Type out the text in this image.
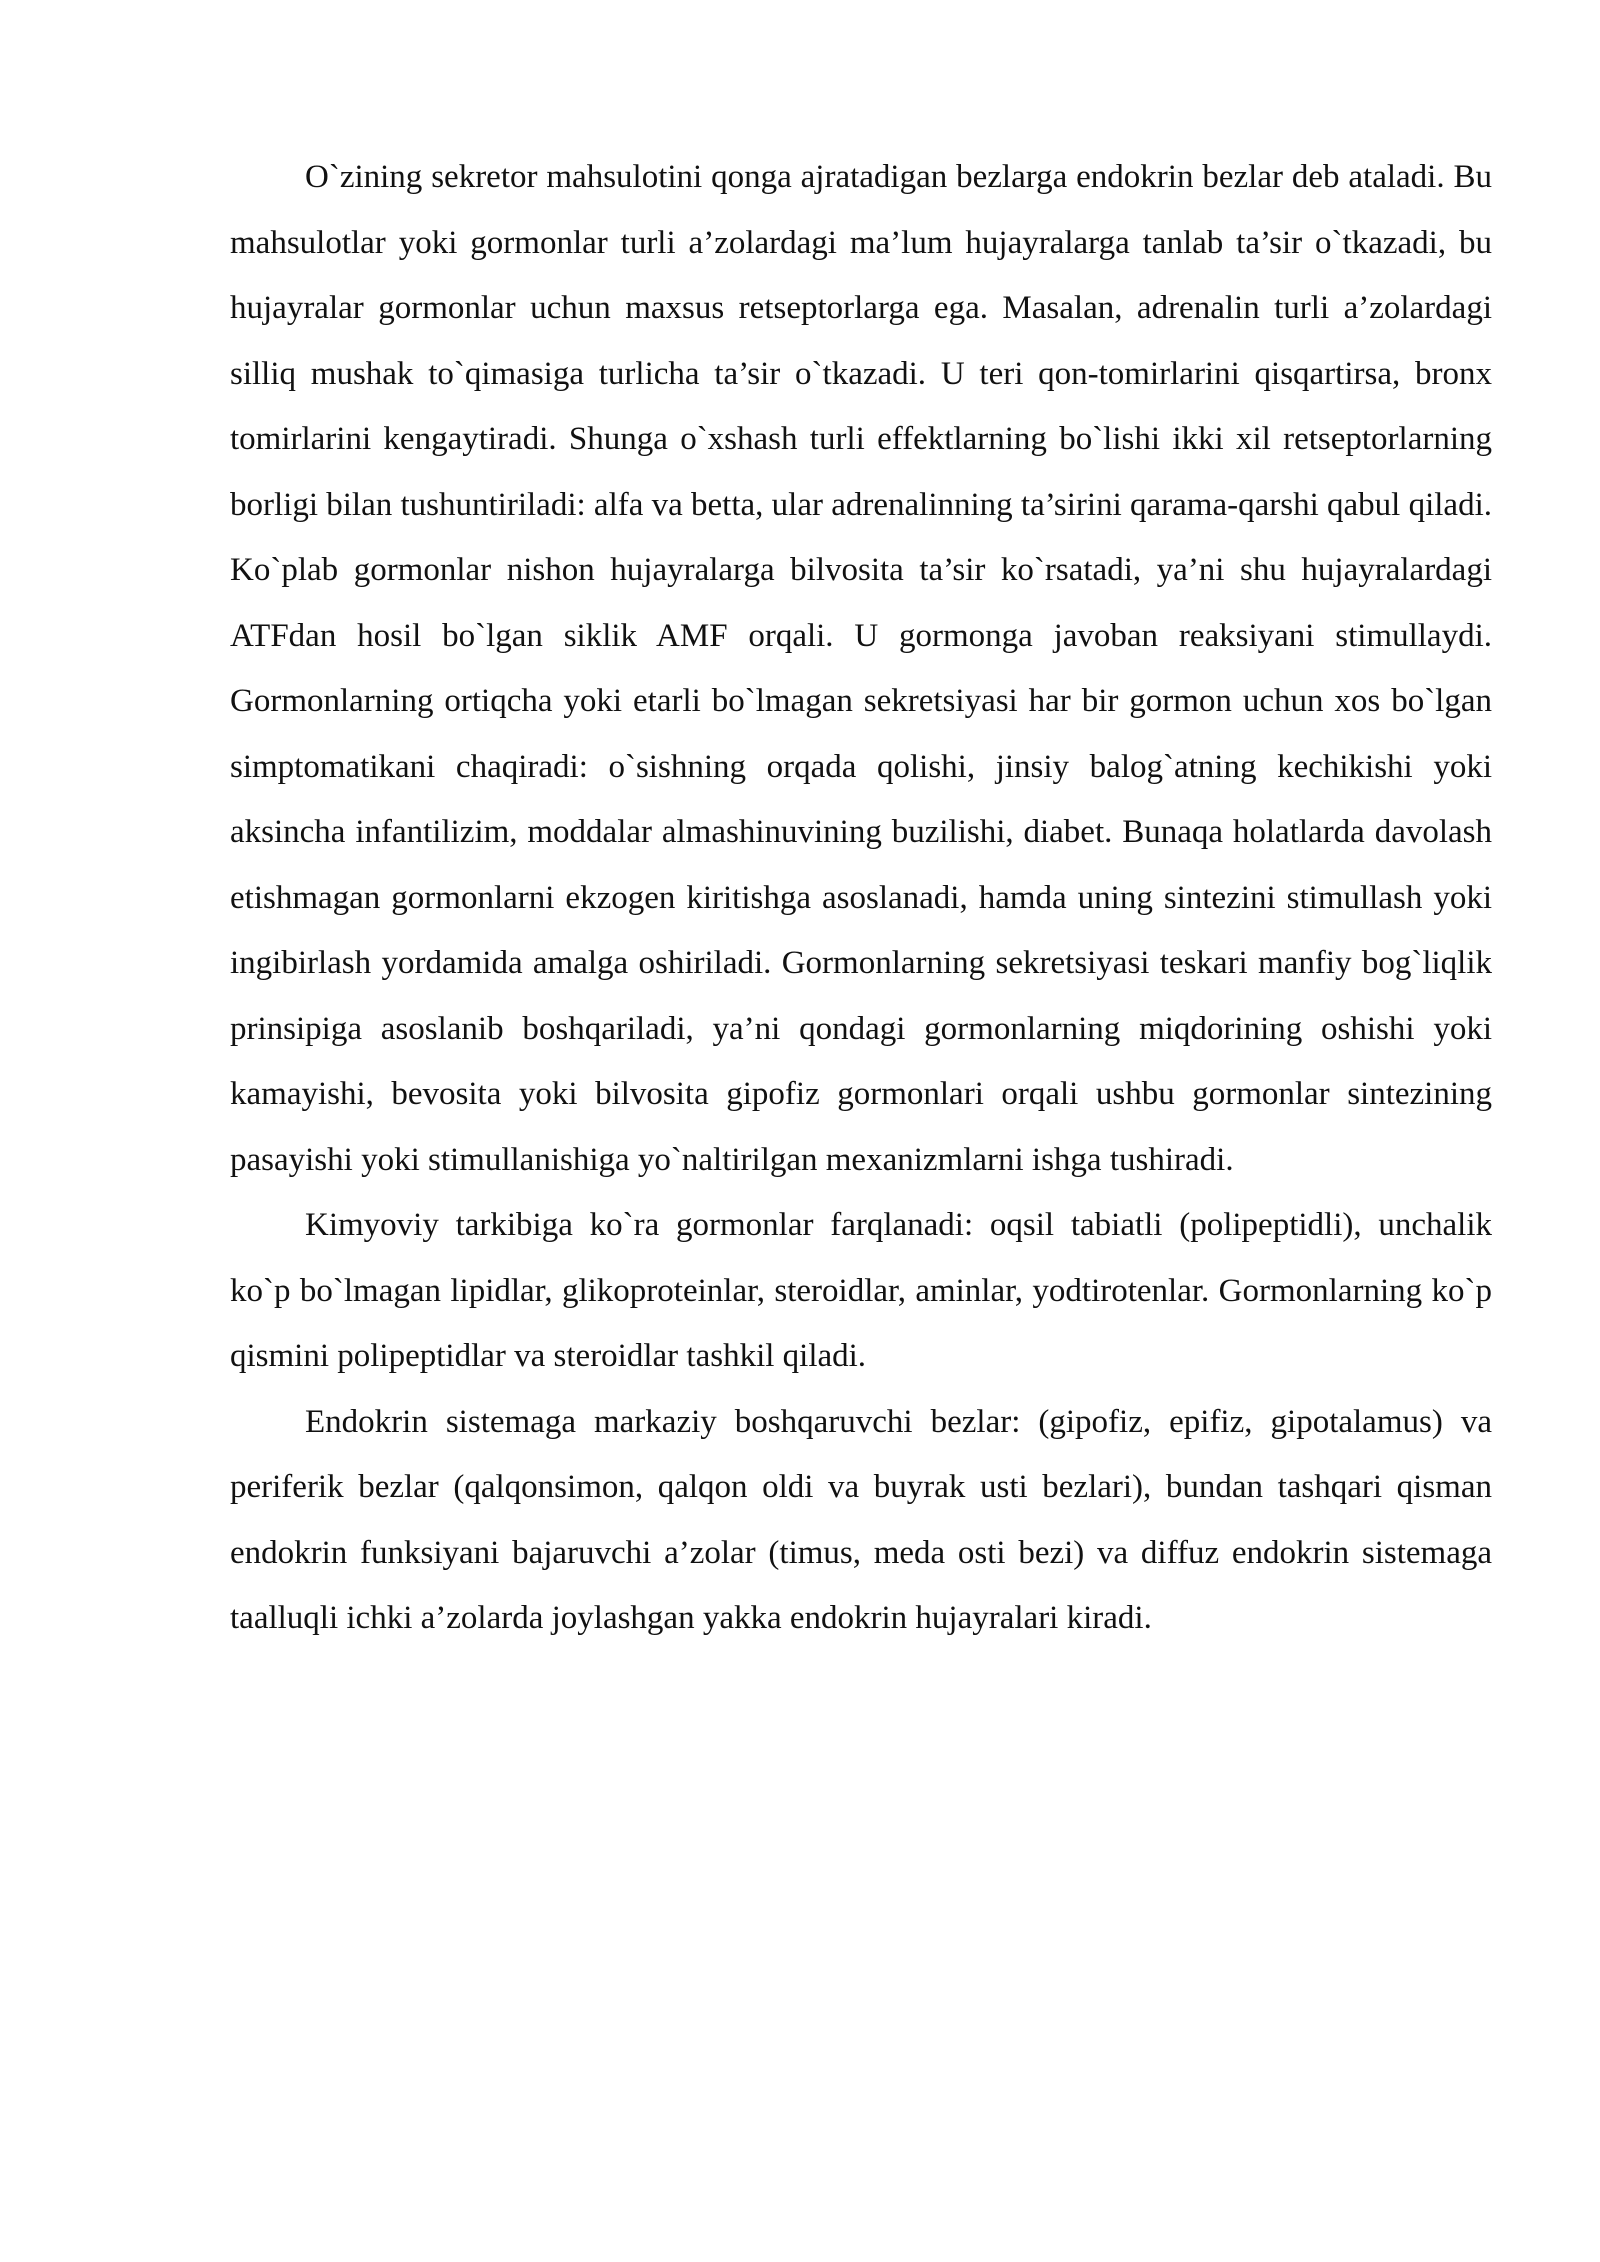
O`zining sekretor mahsulotini qonga ajratadigan bezlarga endokrin bezlar deb ataladi. Bu mahsulotlar yoki gormonlar turli a’zolardagi ma’lum hujayralarga tanlab ta’sir o`tkazadi, bu hujayralar gormonlar uchun maxsus retseptorlarga ega. Masalan, adrenalin turli a’zolardagi silliq mushak to`qimasiga turlicha ta’sir o`tkazadi. U teri qon-tomirlarini qisqartirsa, bronx tomirlarini kengaytiradi. Shunga o`xshash turli effektlarning bo`lishi ikki xil retseptorlarning borligi bilan tushuntiriladi: alfa va betta, ular adrenalinning ta’sirini qarama-qarshi qabul qiladi. Ko`plab gormonlar nishon hujayralarga bilvosita ta’sir ko`rsatadi, ya’ni shu hujayralardagi ATFdan hosil bo`lgan siklik AMF orqali. U gormonga javoban reaksiyani stimullaydi. Gormonlarning ortiqcha yoki etarli bo`lmagan sekretsiyasi har bir gormon uchun xos bo`lgan simptomatikani chaqiradi: o`sishning orqada qolishi, jinsiy balog`atning kechikishi yoki aksincha infantilizim, moddalar almashinuvining buzilishi, diabet. Bunaqa holatlarda davolash etishmagan gormonlarni ekzogen kiritishga asoslanadi, hamda uning sintezini stimullash yoki ingibirlash yordamida amalga oshiriladi. Gormonlarning sekretsiyasi teskari manfiy bog`liqlik prinsipiga asoslanib boshqariladi, ya’ni qondagi gormonlarning miqdorining oshishi yoki kamayishi, bevosita yoki bilvosita gipofiz gormonlari orqali ushbu gormonlar sintezining pasayishi yoki stimullanishiga yo`naltirilgan mexanizmlarni ishga tushiradi.

Kimyoviy tarkibiga ko`ra gormonlar farqlanadi: oqsil tabiatli (polipeptidli), unchalik ko`p bo`lmagan lipidlar, glikoproteinlar, steroidlar, aminlar, yodtirotenlar. Gormonlarning ko`p qismini polipeptidlar va steroidlar tashkil qiladi.

Endokrin sistemaga markaziy boshqaruvchi bezlar: (gipofiz, epifiz, gipotalamus) va periferik bezlar (qalqonsimon, qalqon oldi va buyrak usti bezlari), bundan tashqari qisman endokrin funksiyani bajaruvchi a’zolar (timus, meda osti bezi) va diffuz endokrin sistemaga taalluqli ichki a’zolarda joylashgan yakka endokrin hujayralari kiradi.
